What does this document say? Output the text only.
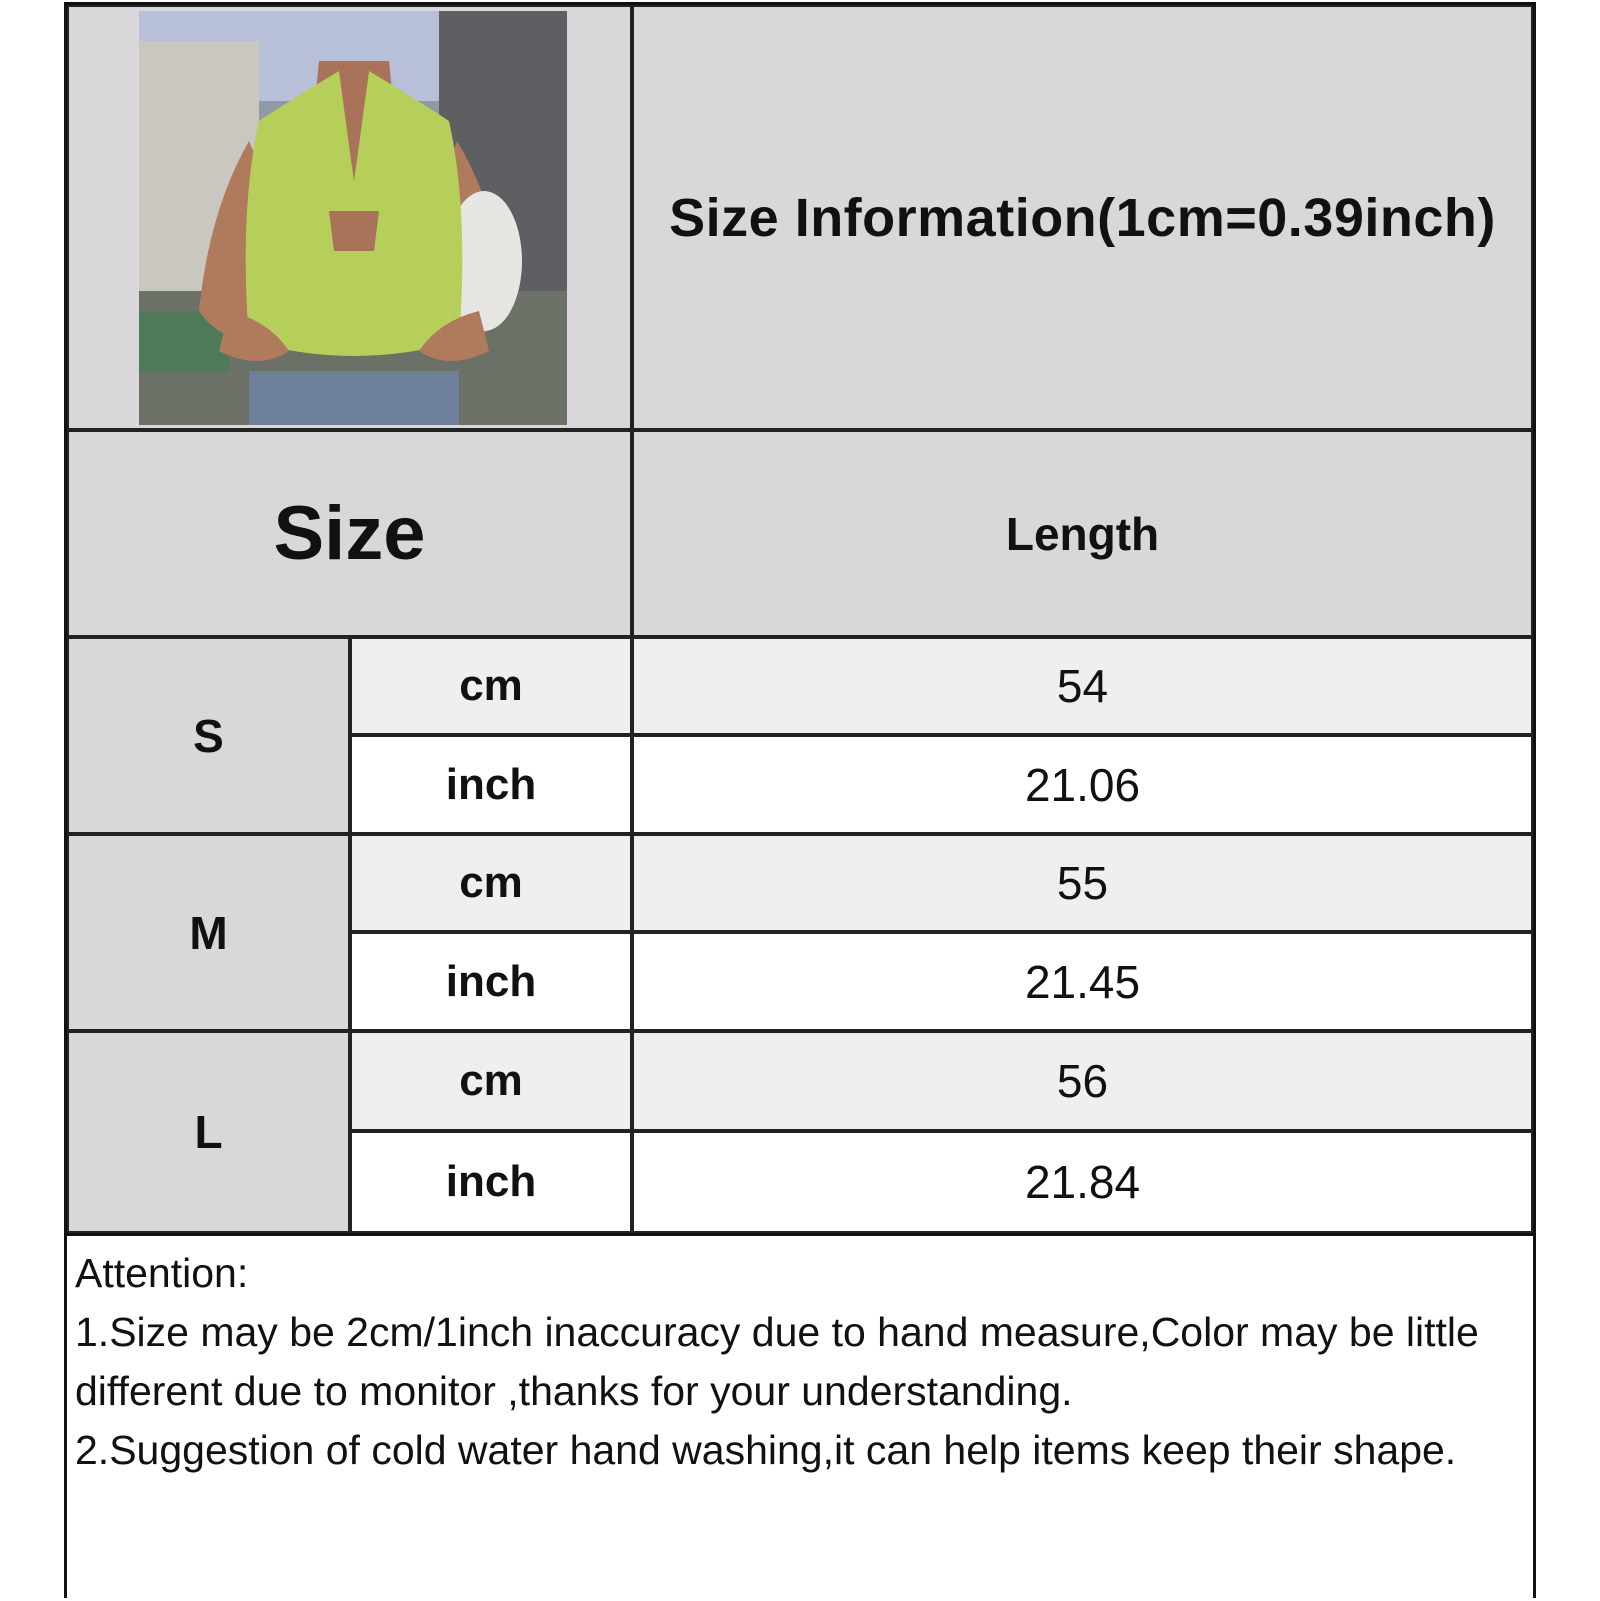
Size Information(1cm=0.39inch)
Size	Length
S
cm	54
inch	21.06
M
cm	55
inch	21.45
L
cm	56
inch	21.84
Attention:
1.Size may be 2cm/1inch inaccuracy due to hand measure,Color may be little different due to monitor ,thanks for your understanding.
2.Suggestion of cold water hand washing,it can help items keep their shape.
